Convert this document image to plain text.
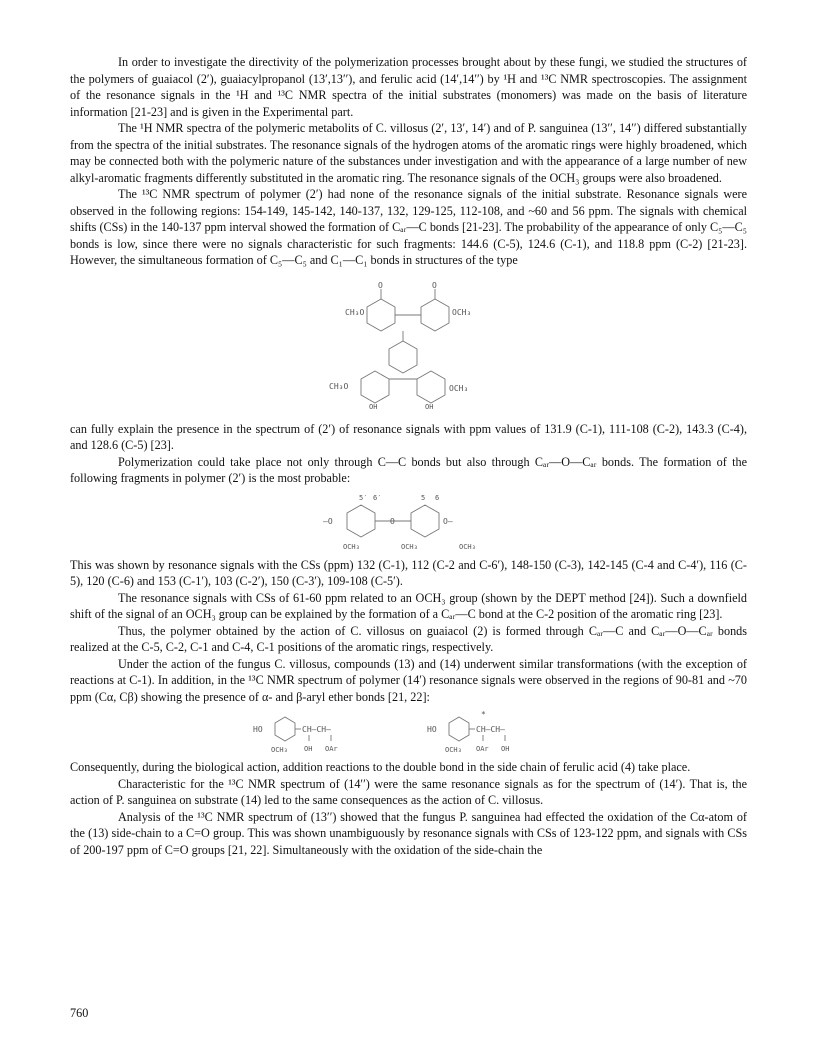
In order to investigate the directivity of the polymerization processes brought about by these fungi, we studied the structures of the polymers of guaiacol (2′), guaiacylpropanol (13′,13′′), and ferulic acid (14′,14′′) by ¹H and ¹³C NMR spectroscopies. The assignment of the resonance signals in the ¹H and ¹³C NMR spectra of the initial substrates (monomers) was made on the basis of literature information [21-23] and is given in the Experimental part.

The ¹H NMR spectra of the polymeric metabolits of C. villosus (2′, 13′, 14′) and of P. sanguinea (13′′, 14′′) differed substantially from the spectra of the initial substrates. The resonance signals of the hydrogen atoms of the aromatic rings were highly broadened, which may be connected both with the polymeric nature of the substances under investigation and with the appearance of a large number of new alkyl-aromatic fragments differently substituted in the aromatic ring. The resonance signals of the OCH₃ groups were also broadened.

The ¹³C NMR spectrum of polymer (2′) had none of the resonance signals of the initial substrate. Resonance signals were observed in the following regions: 154-149, 145-142, 140-137, 132, 129-125, 112-108, and ~60 and 56 ppm. The signals with chemical shifts (CSs) in the 140-137 ppm interval showed the formation of Cₐᵣ—C bonds [21-23]. The probability of the appearance of only C₅—C₅ bonds is low, since there were no signals characteristic for such fragments: 144.6 (C-5), 124.6 (C-1), and 118.8 ppm (C-2) [21-23]. However, the simultaneous formation of C₅—C₅ and C₁—C₁ bonds in structures of the type

CH₃O
O	O
OCH₃
CH₃O	OCH₃
OH	OH

can fully explain the presence in the spectrum of (2′) of resonance signals with ppm values of 131.9 (C-1), 111-108 (C-2), 143.3 (C-4), and 128.6 (C-5) [23].

Polymerization could take place not only through C—C bonds but also through Cₐᵣ—O—Cₐᵣ bonds. The formation of the following fragments in polymer (2′) is the most probable:

5′ 6′	5 6
–O	O	O–
OCH₃	OCH₃	OCH₃

This was shown by resonance signals with the CSs (ppm) 132 (C-1), 112 (C-2 and C-6′), 148-150 (C-3), 142-145 (C-4 and C-4′), 116 (C-5), 120 (C-6) and 153 (C-1′), 103 (C-2′), 150 (C-3′), 109-108 (C-5′).

The resonance signals with CSs of 61-60 ppm related to an OCH₃ group (shown by the DEPT method [24]). Such a downfield shift of the signal of an OCH₃ group can be explained by the formation of a Cₐᵣ—C bond at the C-2 position of the aromatic ring [23].

Thus, the polymer obtained by the action of C. villosus on guaiacol (2) is formed through Cₐᵣ—C and Cₐᵣ—O—Cₐᵣ bonds realized at the C-5, C-2, C-1 and C-4, C-1 positions of the aromatic rings, respectively.

Under the action of the fungus C. villosus, compounds (13) and (14) underwent similar transformations (with the exception of reactions at C-1). In addition, in the ¹³C NMR spectrum of polymer (14′) resonance signals were observed in the regions of 90-81 and ~70 ppm (Cα, Cβ) showing the presence of α- and β-aryl ether bonds [21, 22]:

HO	CH–CH–
OCH₃ OH OAr
HO	CH–CH–
OCH₃ OAr OH
*

Consequently, during the biological action, addition reactions to the double bond in the side chain of ferulic acid (4) take place.

Characteristic for the ¹³C NMR spectrum of (14′′) were the same resonance signals as for the spectrum of (14′). That is, the action of P. sanguinea on substrate (14) led to the same consequences as the action of C. villosus.

Analysis of the ¹³C NMR spectrum of (13′′) showed that the fungus P. sanguinea had effected the oxidation of the Cα-atom of the (13) side-chain to a C=O group. This was shown unambiguously by resonance signals with CSs of 123-122 ppm, and signals with CSs of 200-197 ppm of C=O groups [21, 22]. Simultaneously with the oxidation of the side-chain the

760
